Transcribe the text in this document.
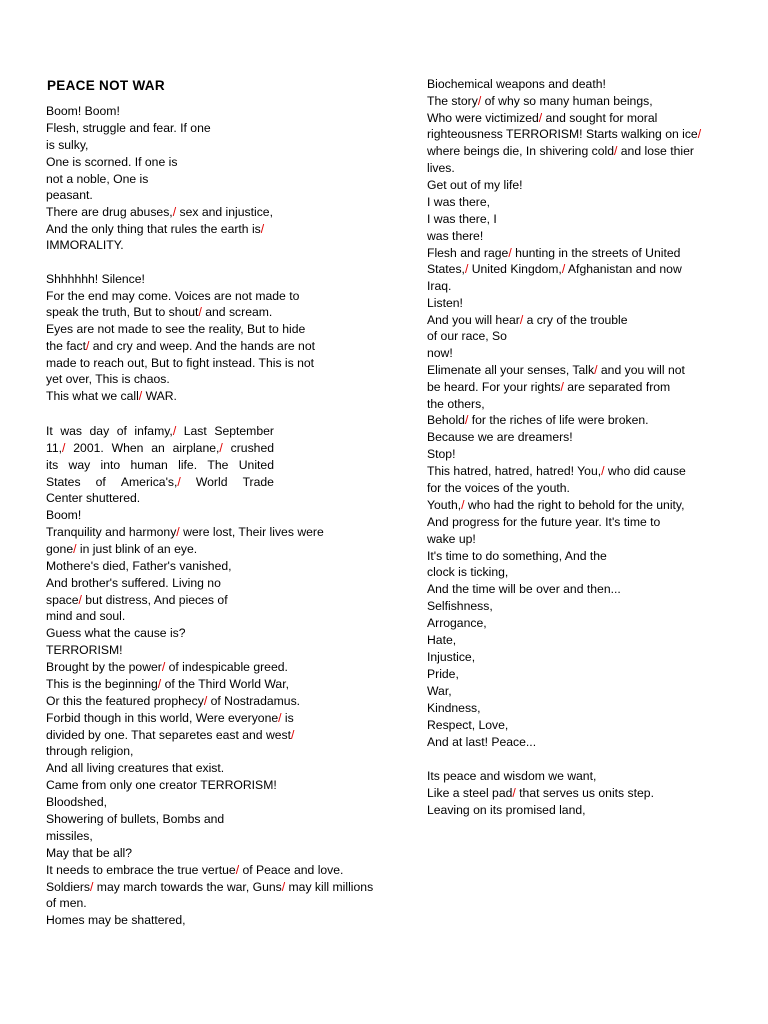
PEACE NOT WAR
Boom! Boom!
Flesh, struggle and fear. If one
is sulky,
One is scorned. If one is
not a noble, One is
peasant.
There are drug abuses,/ sex and injustice,
And the only thing that rules the earth is/
IMMORALITY.
Shhhhhh! Silence!
For the end may come. Voices are not made to
speak the truth, But to shout/ and scream.
Eyes are not made to see the reality, But to hide
the fact/ and cry and weep. And the hands are not
made to reach out, But to fight instead. This is not
yet over, This is chaos.
This what we call/ WAR.
It was day of infamy,/ Last September
11,/ 2001. When an airplane,/ crushed
its way into human life. The United
States of America's,/ World Trade
Center shuttered.
Boom!
Tranquility and harmony/ were lost, Their lives were
gone/ in just blink of an eye.
Mothere's died, Father's vanished,
And brother's suffered. Living no
space/ but distress, And pieces of
mind and soul.
Guess what the cause is?
TERRORISM!
Brought by the power/ of indespicable greed.
This is the beginning/ of the Third World War,
Or this the featured prophecy/ of Nostradamus.
Forbid though in this world, Were everyone/ is
divided by one. That separetes east and west/
through religion,
And all living creatures that exist.
Came from only one creator TERRORISM!
Bloodshed,
Showering of bullets, Bombs and
missiles,
May that be all?
It needs to embrace the true vertue/ of Peace and love.
Soldiers/ may march towards the war, Guns/ may kill millions
of men.
Homes may be shattered,
Biochemical weapons and death!
The story/ of why so many human beings,
Who were victimized/ and sought for moral
righteousness TERRORISM! Starts walking on ice/
where beings die, In shivering cold/ and lose thier
lives.
Get out of my life!
I was there,
I was there, I
was there!
Flesh and rage/ hunting in the streets of United
States,/ United Kingdom,/ Afghanistan and now
Iraq.
Listen!
And you will hear/ a cry of the trouble
of our race, So
now!
Elimenate all your senses, Talk/ and you will not
be heard. For your rights/ are separated from
the others,
Behold/ for the riches of life were broken.
Because we are dreamers!
Stop!
This hatred, hatred, hatred! You,/ who did cause
for the voices of the youth.
Youth,/ who had the right to behold for the unity,
And progress for the future year. It's time to
wake up!
It's time to do something, And the
clock is ticking,
And the time will be over and then...
Selfishness,
Arrogance,
Hate,
Injustice,
Pride,
War,
Kindness,
Respect, Love,
And at last! Peace...
Its peace and wisdom we want,
Like a steel pad/ that serves us onits step.
Leaving on its promised land,
